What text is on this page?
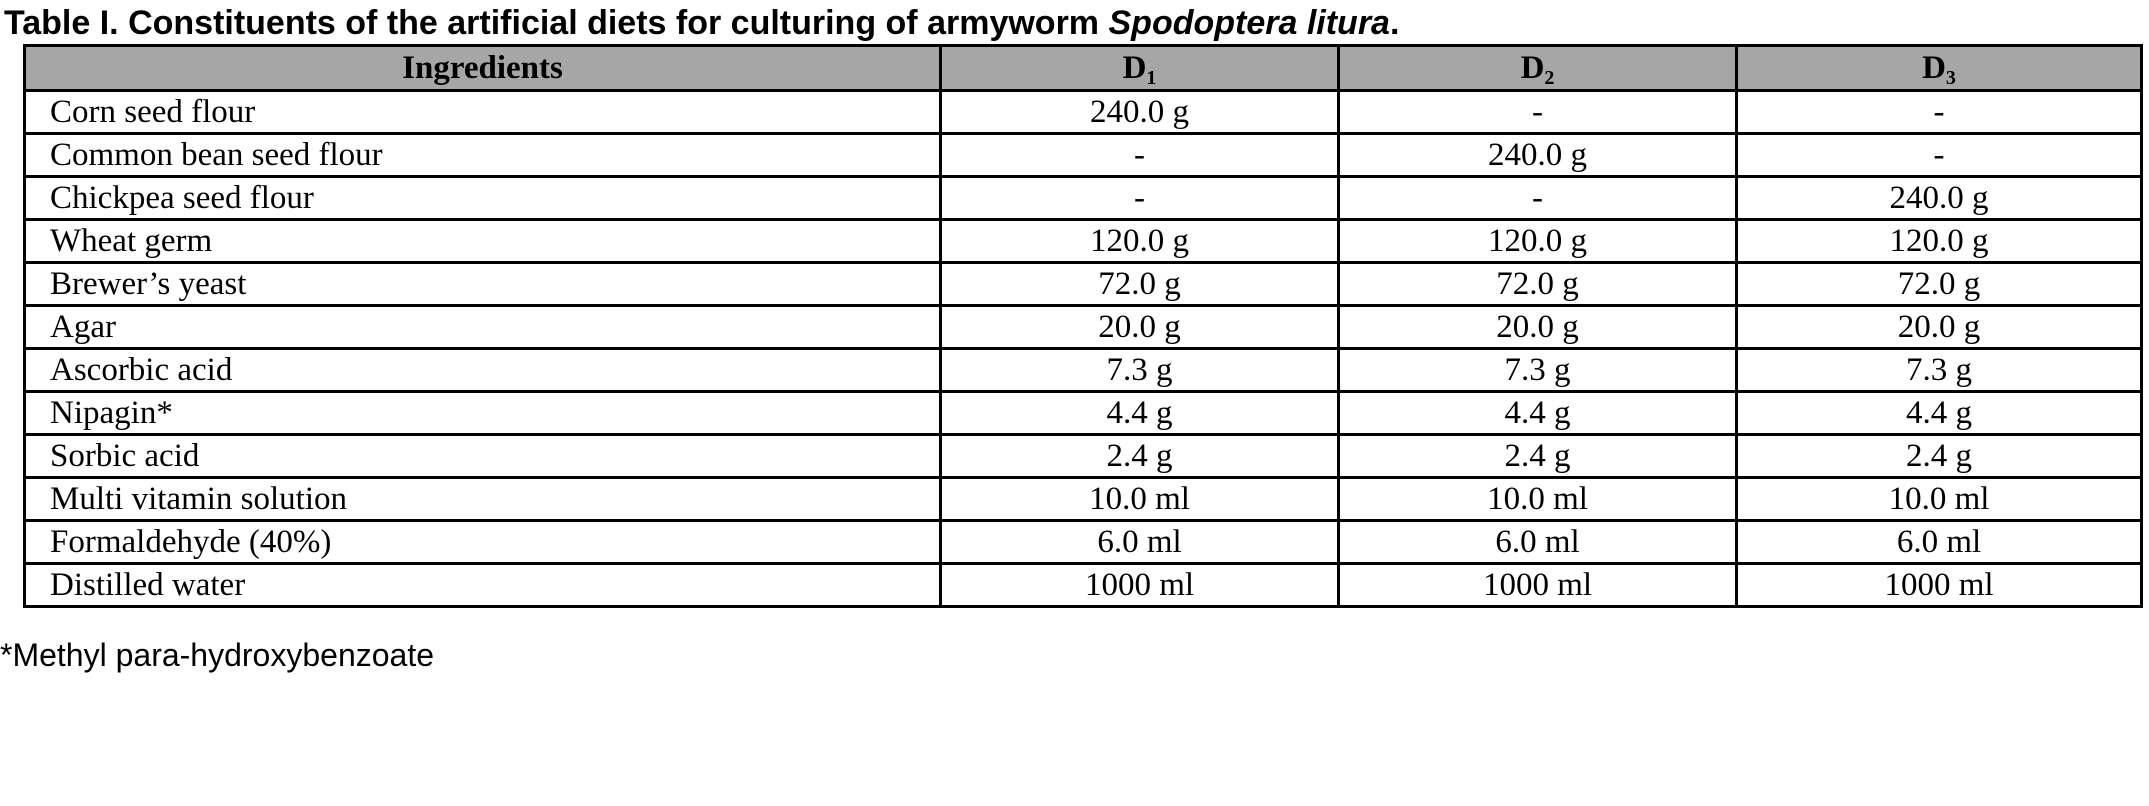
Table I. Constituents of the artificial diets for culturing of armyworm Spodoptera litura.
Ingredients	$D_1$	$D_2$	$D_3$
Corn seed flour	240.0 g	-	-
Common bean seed flour	-	240.0 g	-
Chickpea seed flour	-	-	240.0 g
Wheat germ	120.0 g	120.0 g	120.0 g
Brewer’s yeast	72.0 g	72.0 g	72.0 g
Agar	20.0 g	20.0 g	20.0 g
Ascorbic acid	7.3 g	7.3 g	7.3 g
Nipagin*	4.4 g	4.4 g	4.4 g
Sorbic acid	2.4 g	2.4 g	2.4 g
Multi vitamin solution	10.0 ml	10.0 ml	10.0 ml
Formaldehyde (40%)	6.0 ml	6.0 ml	6.0 ml
Distilled water	1000 ml	1000 ml	1000 ml
*Methyl para-hydroxybenzoate
